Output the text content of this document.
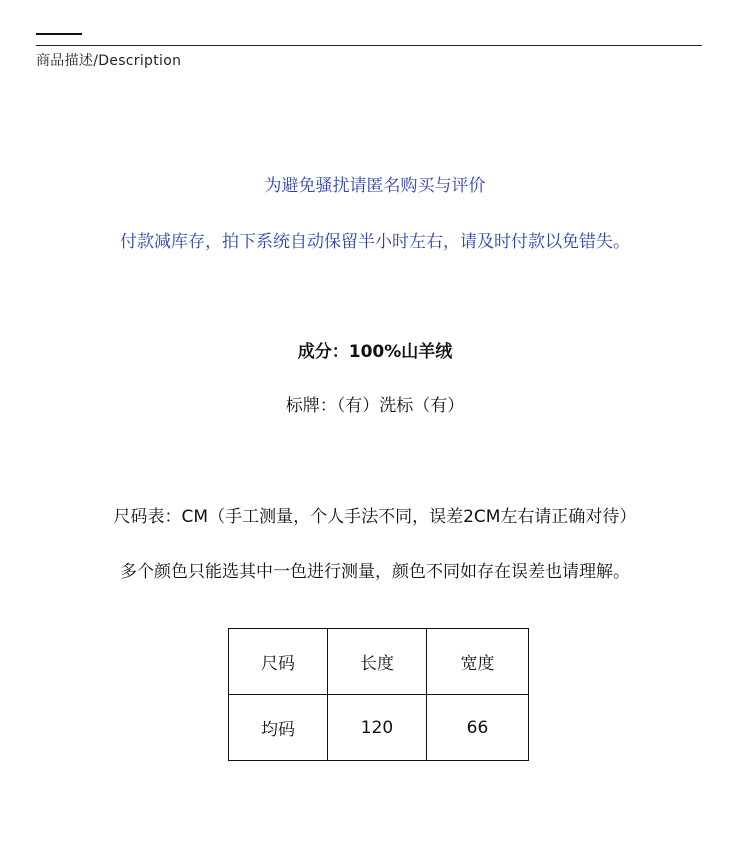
商品描述/Description
为避免骚扰请匿名购买与评价
付款减库存，拍下系统自动保留半小时左右，请及时付款以免错失。
成分：100%山羊绒
标牌：（有）洗标（有）
尺码表：CM（手工测量，个人手法不同，误差2CM左右请正确对待）
多个颜色只能选其中一色进行测量，颜色不同如存在误差也请理解。
尺码	长度	宽度
均码	120	66
